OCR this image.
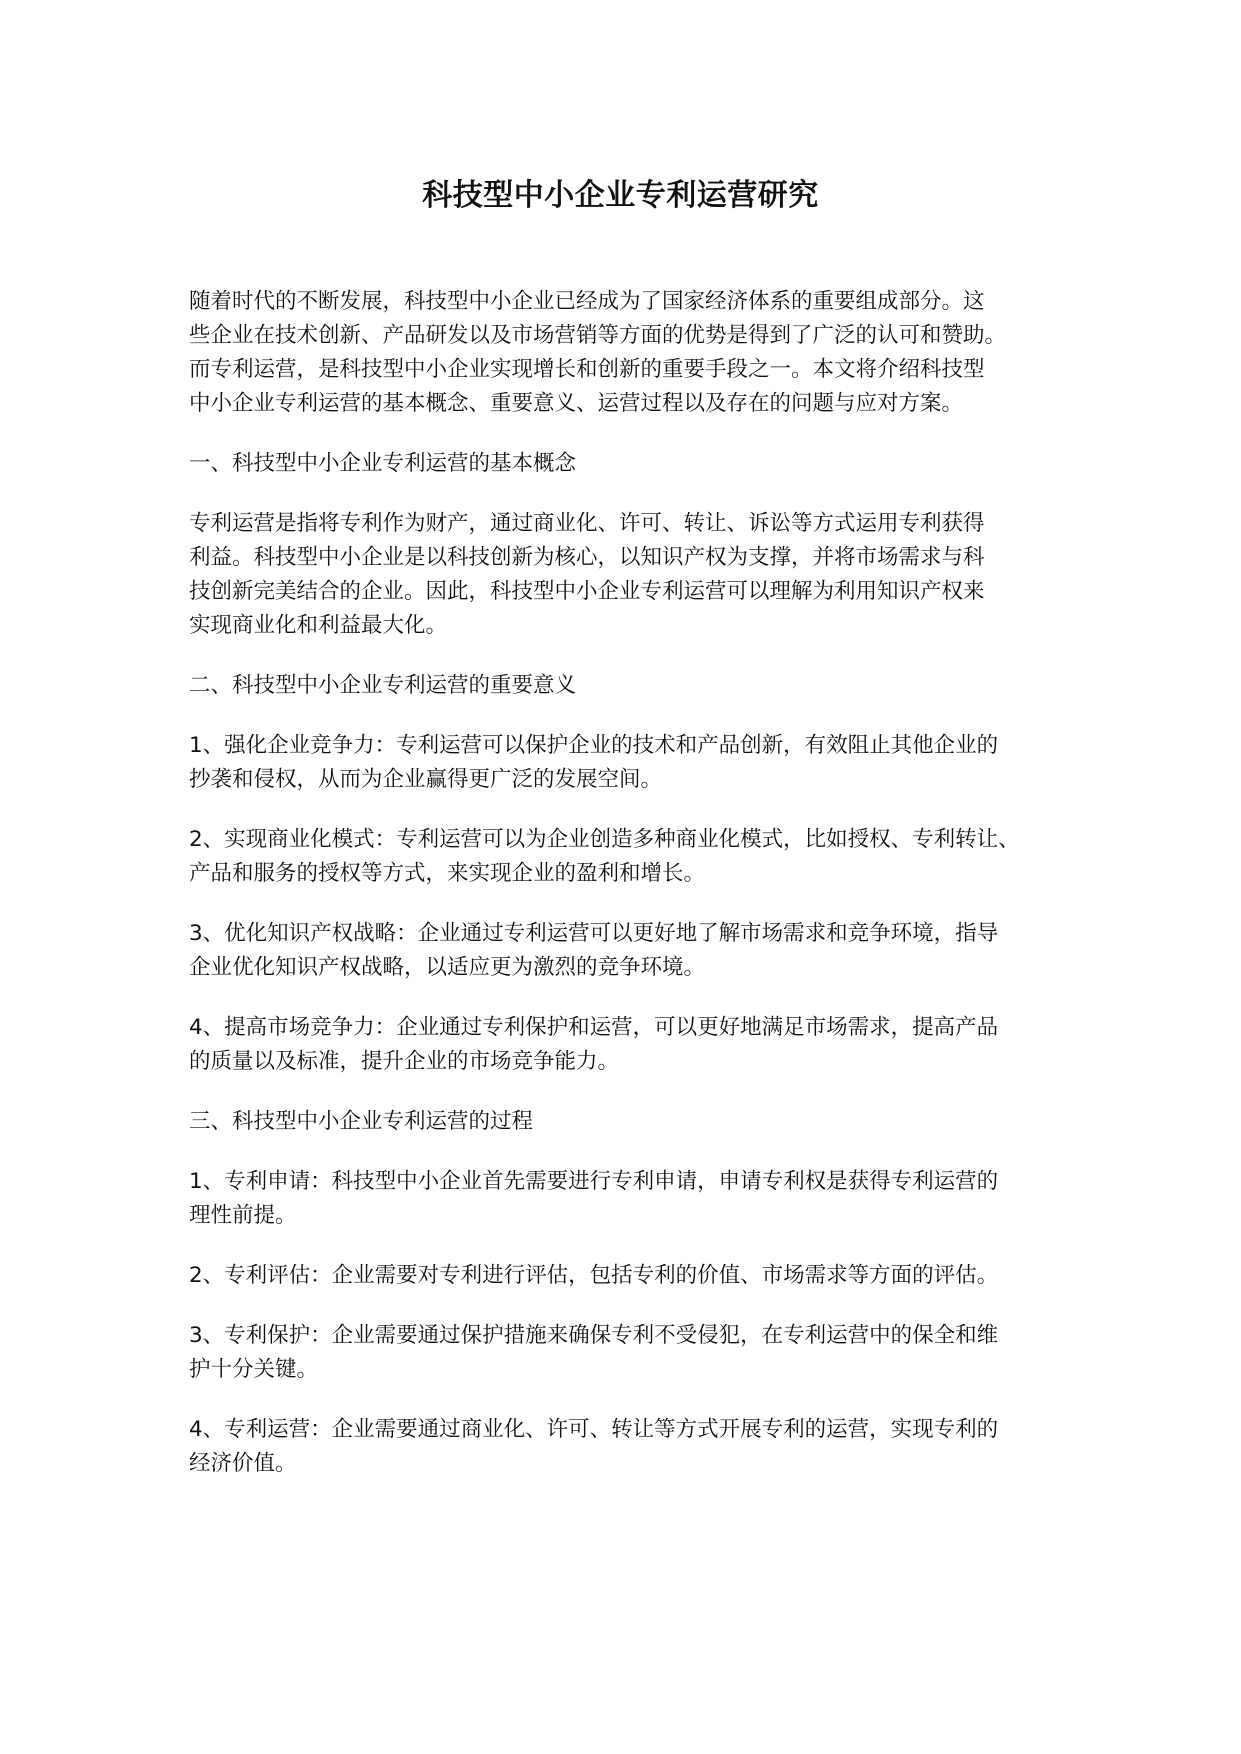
科技型中小企业专利运营研究

随着时代的不断发展，科技型中小企业已经成为了国家经济体系的重要组成部分。这
些企业在技术创新、产品研发以及市场营销等方面的优势是得到了广泛的认可和赞助。
而专利运营，是科技型中小企业实现增长和创新的重要手段之一。本文将介绍科技型
中小企业专利运营的基本概念、重要意义、运营过程以及存在的问题与应对方案。

一、科技型中小企业专利运营的基本概念

专利运营是指将专利作为财产，通过商业化、许可、转让、诉讼等方式运用专利获得
利益。科技型中小企业是以科技创新为核心，以知识产权为支撑，并将市场需求与科
技创新完美结合的企业。因此，科技型中小企业专利运营可以理解为利用知识产权来
实现商业化和利益最大化。

二、科技型中小企业专利运营的重要意义

1、强化企业竞争力：专利运营可以保护企业的技术和产品创新，有效阻止其他企业的
抄袭和侵权，从而为企业赢得更广泛的发展空间。

2、实现商业化模式：专利运营可以为企业创造多种商业化模式，比如授权、专利转让、
产品和服务的授权等方式，来实现企业的盈利和增长。

3、优化知识产权战略：企业通过专利运营可以更好地了解市场需求和竞争环境，指导
企业优化知识产权战略，以适应更为激烈的竞争环境。

4、提高市场竞争力：企业通过专利保护和运营，可以更好地满足市场需求，提高产品
的质量以及标准，提升企业的市场竞争能力。

三、科技型中小企业专利运营的过程

1、专利申请：科技型中小企业首先需要进行专利申请，申请专利权是获得专利运营的
理性前提。

2、专利评估：企业需要对专利进行评估，包括专利的价值、市场需求等方面的评估。

3、专利保护：企业需要通过保护措施来确保专利不受侵犯，在专利运营中的保全和维
护十分关键。

4、专利运营：企业需要通过商业化、许可、转让等方式开展专利的运营，实现专利的
经济价值。
